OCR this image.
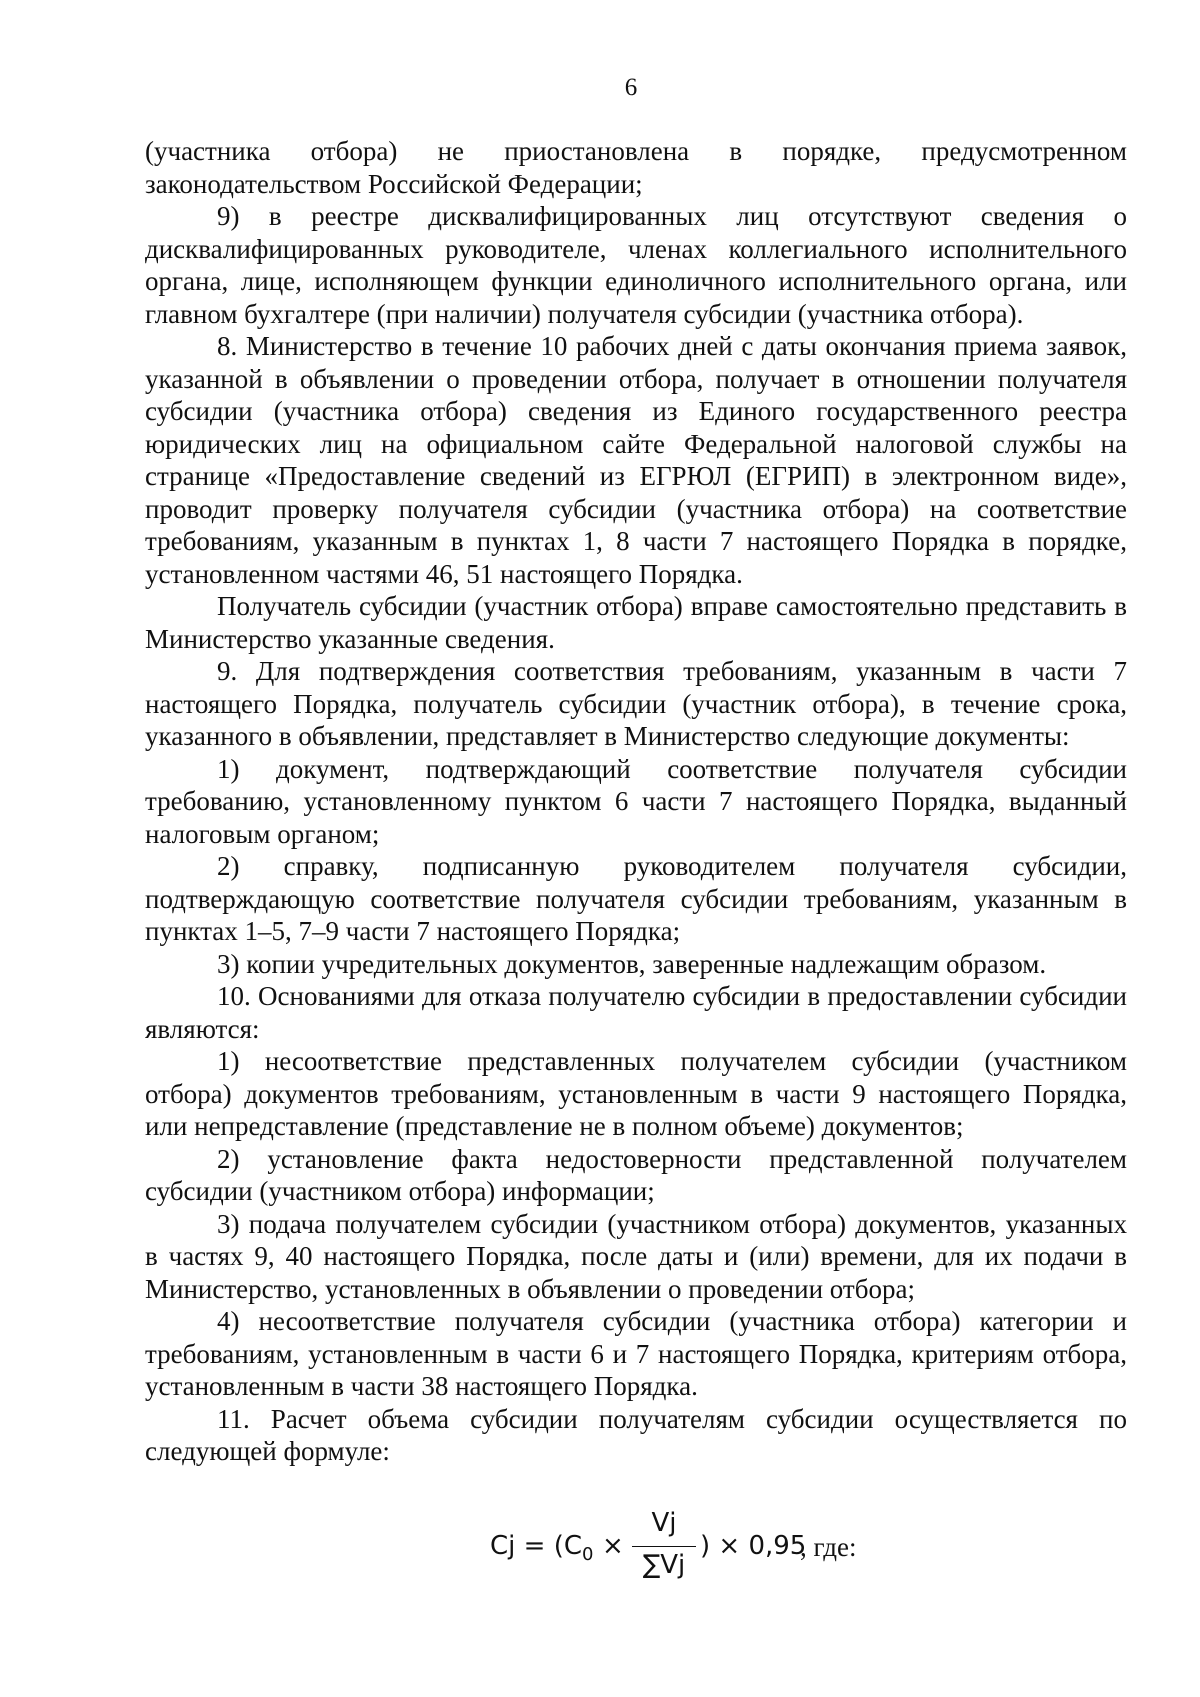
6

(участника отбора) не приостановлена в порядке, предусмотренном законодательством Российской Федерации;

9) в реестре дисквалифицированных лиц отсутствуют сведения о дисквалифицированных руководителе, членах коллегиального исполнительного органа, лице, исполняющем функции единоличного исполнительного органа, или главном бухгалтере (при наличии) получателя субсидии (участника отбора).

8. Министерство в течение 10 рабочих дней с даты окончания приема заявок, указанной в объявлении о проведении отбора, получает в отношении получателя субсидии (участника отбора) сведения из Единого государственного реестра юридических лиц на официальном сайте Федеральной налоговой службы на странице «Предоставление сведений из ЕГРЮЛ (ЕГРИП) в электронном виде», проводит проверку получателя субсидии (участника отбора) на соответствие требованиям, указанным в пунктах 1, 8 части 7 настоящего Порядка в порядке, установленном частями 46, 51 настоящего Порядка.

Получатель субсидии (участник отбора) вправе самостоятельно представить в Министерство указанные сведения.

9. Для подтверждения соответствия требованиям, указанным в части 7 настоящего Порядка, получатель субсидии (участник отбора), в течение срока, указанного в объявлении, представляет в Министерство следующие документы:

1) документ, подтверждающий соответствие получателя субсидии требованию, установленному пунктом 6 части 7 настоящего Порядка, выданный налоговым органом;

2) справку, подписанную руководителем получателя субсидии, подтверждающую соответствие получателя субсидии требованиям, указанным в пунктах 1–5, 7–9 части 7 настоящего Порядка;

3) копии учредительных документов, заверенные надлежащим образом.

10. Основаниями для отказа получателю субсидии в предоставлении субсидии являются:

1) несоответствие представленных получателем субсидии (участником отбора) документов требованиям, установленным в части 9 настоящего Порядка, или непредставление (представление не в полном объеме) документов;

2) установление факта недостоверности представленной получателем субсидии (участником отбора) информации;

3) подача получателем субсидии (участником отбора) документов, указанных в частях 9, 40 настоящего Порядка, после даты и (или) времени, для их подачи в Министерство, установленных в объявлении о проведении отбора;

4) несоответствие получателя субсидии (участника отбора) категории и требованиям, установленным в части 6 и 7 настоящего Порядка, критериям отбора, установленным в части 38 настоящего Порядка.

11. Расчет объема субсидии получателям субсидии осуществляется по следующей формуле:

$Cj = (C_0$ ×
Vj
∑Vj
) × 0,95
, где:
